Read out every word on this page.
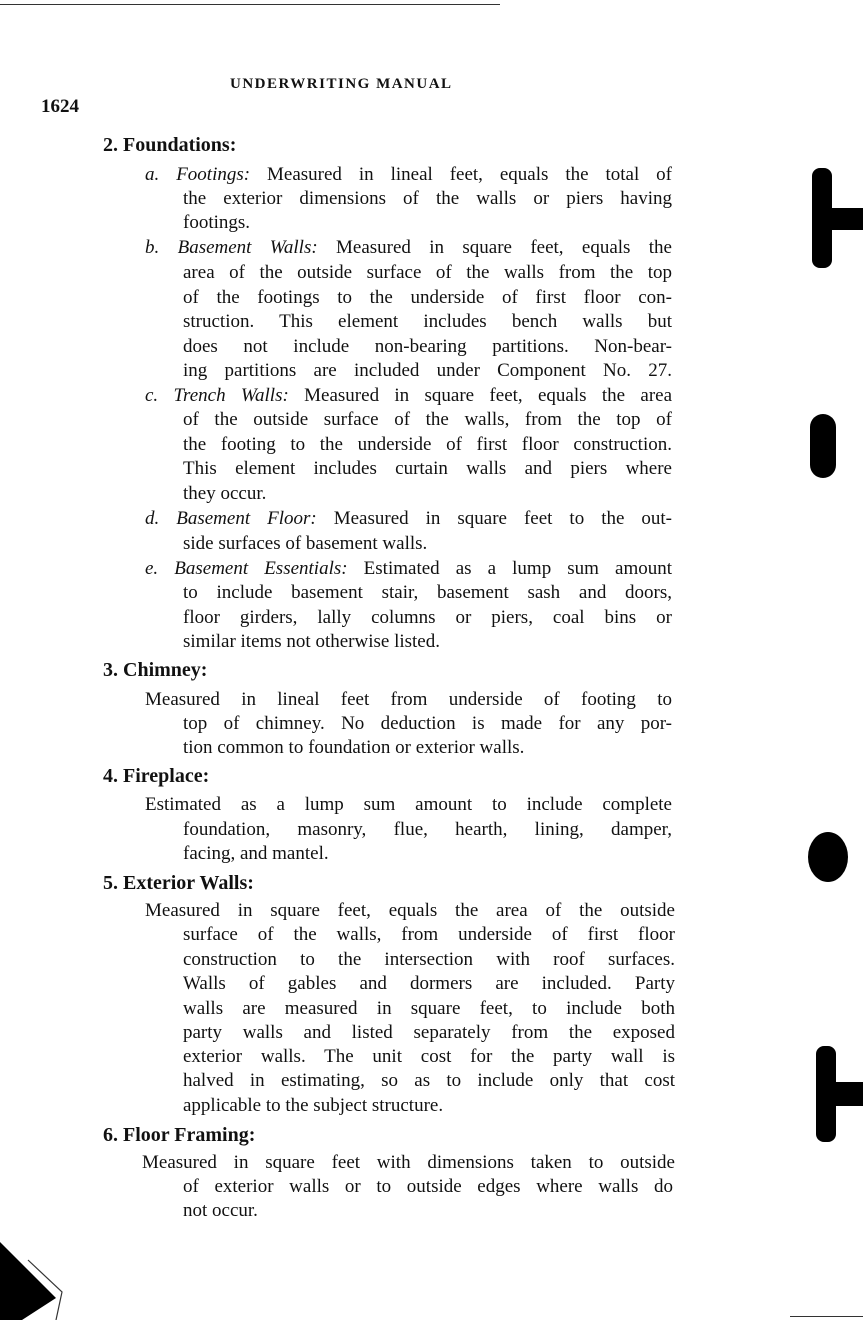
UNDERWRITING MANUAL
1624
2. Foundations:
a. Footings: Measured in lineal feet, equals the total of
the exterior dimensions of the walls or piers having
footings.
b. Basement Walls: Measured in square feet, equals the
area of the outside surface of the walls from the top
of the footings to the underside of first floor con-
struction. This element includes bench walls but
does not include non-bearing partitions. Non-bear-
ing partitions are included under Component No. 27.
c. Trench Walls: Measured in square feet, equals the area
of the outside surface of the walls, from the top of
the footing to the underside of first floor construction.
This element includes curtain walls and piers where
they occur.
d. Basement Floor: Measured in square feet to the out-
side surfaces of basement walls.
e. Basement Essentials: Estimated as a lump sum amount
to include basement stair, basement sash and doors,
floor girders, lally columns or piers, coal bins or
similar items not otherwise listed.
3. Chimney:
Measured in lineal feet from underside of footing to
top of chimney. No deduction is made for any por-
tion common to foundation or exterior walls.
4. Fireplace:
Estimated as a lump sum amount to include complete
foundation, masonry, flue, hearth, lining, damper,
facing, and mantel.
5. Exterior Walls:
Measured in square feet, equals the area of the outside
surface of the walls, from underside of first floor
construction to the intersection with roof surfaces.
Walls of gables and dormers are included. Party
walls are measured in square feet, to include both
party walls and listed separately from the exposed
exterior walls. The unit cost for the party wall is
halved in estimating, so as to include only that cost
applicable to the subject structure.
6. Floor Framing:
Measured in square feet with dimensions taken to outside
of exterior walls or to outside edges where walls do
not occur.
